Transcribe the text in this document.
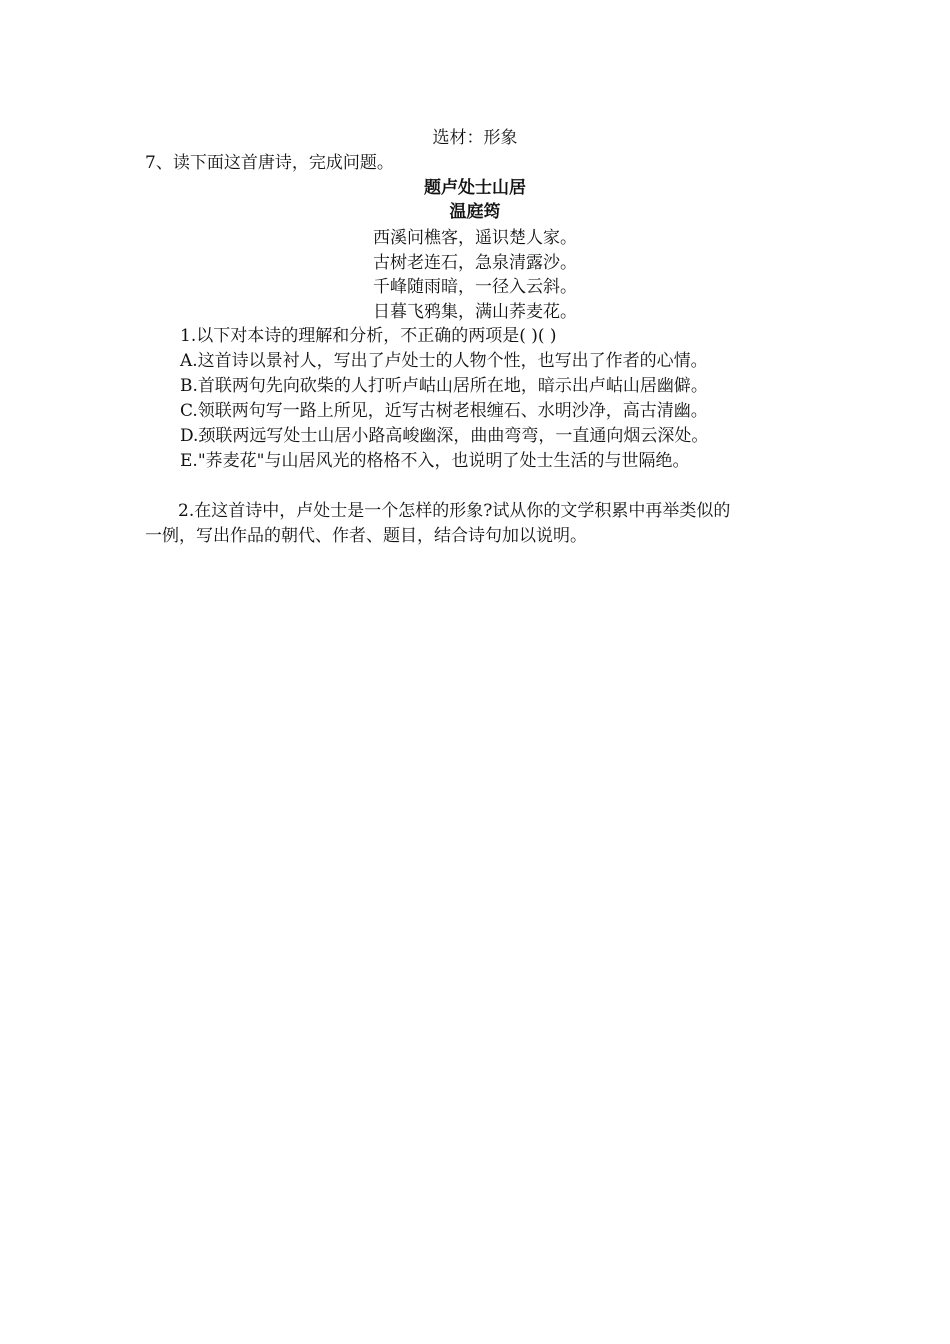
选材：形象
7、读下面这首唐诗，完成问题。
题卢处士山居
温庭筠
西溪问樵客，遥识楚人家。
古树老连石，急泉清露沙。
千峰随雨暗，一径入云斜。
日暮飞鸦集，满山荞麦花。
1.以下对本诗的理解和分析，不正确的两项是( )( )
A.这首诗以景衬人，写出了卢处士的人物个性，也写出了作者的心情。
B.首联两句先向砍柴的人打听卢岵山居所在地，暗示出卢岵山居幽僻。
C.领联两句写一路上所见，近写古树老根缠石、水明沙净，高古清幽。
D.颈联两远写处士山居小路高峻幽深，曲曲弯弯，一直通向烟云深处。
E."荞麦花"与山居风光的格格不入，也说明了处士生活的与世隔绝。
2.在这首诗中，卢处士是一个怎样的形象?试从你的文学积累中再举类似的
一例，写出作品的朝代、作者、题目，结合诗句加以说明。
